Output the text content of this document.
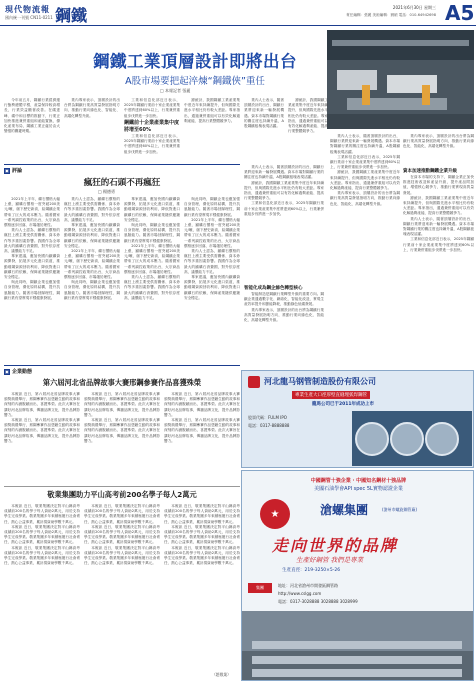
現代物流報
國內統一刊號 CN11-0211 鋼鐵	2021年6月30日 星期三
責任編輯：張麗 美術編輯：劉碩 電話：010-64942698 A5
鋼鐵工業頂層設計即將出台
A股市場要把起淬煉“鋼鐵俠”重任
□ 本報記者 張麗
今年前五月，鋼鐵行業經濟運行態勢總體平穩，產量保持較高增長，行業效益顯著改善。在碳達峰、碳中和目標的推動下，行業正加快推進兼併重組和產能置換，優化產業布局，鋼鐵工業正處於由大變強的關鍵時期。
業內專家表示，頂層設計的出台將為鋼鐵行業高質量發展指明方向，推動行業向綠色化、智能化、高端化轉型升級。
工業和信息化部近日表示，2025年鋼鐵行業前十家企業產業集中度將達到60%以上，行業兼併重組步伐將進一步加快。
鋼鐵前十企業產業集中度將增至60%
工業和信息化部近日表示，2025年鋼鐵行業前十家企業產業集中度將達到60%以上，行業兼併重組步伐將進一步加快。
據統計，我國鋼鐵工業產業集中度近年來持續提升，但與國際先進水平相比仍有較大差距。專家指出，通過兼併重組可以有效化解過剩產能、提高行業整體競爭力。
業內人士表示，隨著頂層設計的出台，鋼鐵行業將迎來新一輪發展機遇。資本市場對鋼鐵行業的關注度也持續升溫，A股鋼鐵板塊表現活躍。
據統計，我國鋼鐵工業產業集中度近年來持續提升，但與國際先進水平相比仍有較大差距。專家指出，通過兼併重組可以有效化解過剩產能、提高行業整體競爭力。
業內人士表示，隨著頂層設計的出台，鋼鐵行業將迎來新一輪發展機遇。資本市場對鋼鐵行業的關注度也持續升溫，A股鋼鐵板塊表現活躍。
據統計，我國鋼鐵工業產業集中度近年來持續提升，但與國際先進水平相比仍有較大差距。專家指出，通過兼併重組可以有效化解過剩產能、提高行業整體競爭力。
工業和信息化部近日表示，2025年鋼鐵行業前十家企業產業集中度將達到60%以上，行業兼併重組步伐將進一步加快。
智能化成為鋼企綠色轉型核心
智能制造是鋼鐵行業轉型升級的重要方向。鋼鐵企業通過數字化、網絡化、智能化改造，實現生產效率提升和節能降耗，推動綠色低碳發展。
業內專家表示，頂層設計的出台將為鋼鐵行業高質量發展指明方向，推動行業向綠色化、智能化、高端化轉型升級。
業內人士表示，隨著頂層設計的出台，鋼鐵行業將迎來新一輪發展機遇。資本市場對鋼鐵行業的關注度也持續升溫，A股鋼鐵板塊表現活躍。
工業和信息化部近日表示，2025年鋼鐵行業前十家企業產業集中度將達到60%以上，行業兼併重組步伐將進一步加快。
據統計，我國鋼鐵工業產業集中度近年來持續提升，但與國際先進水平相比仍有較大差距。專家指出，通過兼併重組可以有效化解過剩產能、提高行業整體競爭力。
業內專家表示，頂層設計的出台將為鋼鐵行業高質量發展指明方向，推動行業向綠色化、智能化、高端化轉型升級。
業內專家表示，頂層設計的出台將為鋼鐵行業高質量發展指明方向，推動行業向綠色化、智能化、高端化轉型升級。
資本加速推動鋼鐵企業升級
在資本市場的支持下，鋼鐵企業正加快推進技術改造和產品升級，提升產品附加值，增強核心競爭力，推動行業實現高質量發展。
據統計，我國鋼鐵工業產業集中度近年來持續提升，但與國際先進水平相比仍有較大差距。專家指出，通過兼併重組可以有效化解過剩產能、提高行業整體競爭力。
業內人士表示，隨著頂層設計的出台，鋼鐵行業將迎來新一輪發展機遇。資本市場對鋼鐵行業的關注度也持續升溫，A股鋼鐵板塊表現活躍。
工業和信息化部近日表示，2025年鋼鐵行業前十家企業產業集中度將達到60%以上，行業兼併重組步伐將進一步加快。
▣ 評論
瘋狂的石頭不再瘋狂
□ 楊德勇
2021年上半年，礦石價格大幅上漲，鐵礦石價格一度突破200美元/噸，創下歷史新高，給鋼鐵企業帶來了巨大的成本壓力。隨著國家一系列調控政策的出台，大宗商品價格逐步回落，市場趨於理性。
業內人士認為，鐵礦石價格的瘋狂上漲主要受供需關係、資本炒作等多重因素影響。我國作為全球最大的鐵礦石消費國，對外依存度高，議價能力不足。
專家建議，應加快國內鐵礦資源開發，拓展多元化進口渠道，推動廢鋼資源回收利用，降低對進口鐵礦石的依賴，保障產業鏈供應鏈安全穩定。
與此同時，鋼鐵企業也應加強自身管理，優化原料結構，提升抗風險能力。隨著市場回歸理性，鋼鐵行業有望實現平穩健康發展。
業內人士認為，鐵礦石價格的瘋狂上漲主要受供需關係、資本炒作等多重因素影響。我國作為全球最大的鐵礦石消費國，對外依存度高，議價能力不足。
專家建議，應加快國內鐵礦資源開發，拓展多元化進口渠道，推動廢鋼資源回收利用，降低對進口鐵礦石的依賴，保障產業鏈供應鏈安全穩定。
2021年上半年，礦石價格大幅上漲，鐵礦石價格一度突破200美元/噸，創下歷史新高，給鋼鐵企業帶來了巨大的成本壓力。隨著國家一系列調控政策的出台，大宗商品價格逐步回落，市場趨於理性。
與此同時，鋼鐵企業也應加強自身管理，優化原料結構，提升抗風險能力。隨著市場回歸理性，鋼鐵行業有望實現平穩健康發展。
專家建議，應加快國內鐵礦資源開發，拓展多元化進口渠道，推動廢鋼資源回收利用，降低對進口鐵礦石的依賴，保障產業鏈供應鏈安全穩定。
與此同時，鋼鐵企業也應加強自身管理，優化原料結構，提升抗風險能力。隨著市場回歸理性，鋼鐵行業有望實現平穩健康發展。
2021年上半年，礦石價格大幅上漲，鐵礦石價格一度突破200美元/噸，創下歷史新高，給鋼鐵企業帶來了巨大的成本壓力。隨著國家一系列調控政策的出台，大宗商品價格逐步回落，市場趨於理性。
業內人士認為，鐵礦石價格的瘋狂上漲主要受供需關係、資本炒作等多重因素影響。我國作為全球最大的鐵礦石消費國，對外依存度高，議價能力不足。
與此同時，鋼鐵企業也應加強自身管理，優化原料結構，提升抗風險能力。隨著市場回歸理性，鋼鐵行業有望實現平穩健康發展。
2021年上半年，礦石價格大幅上漲，鐵礦石價格一度突破200美元/噸，創下歷史新高，給鋼鐵企業帶來了巨大的成本壓力。隨著國家一系列調控政策的出台，大宗商品價格逐步回落，市場趨於理性。
業內人士認為，鐵礦石價格的瘋狂上漲主要受供需關係、資本炒作等多重因素影響。我國作為全球最大的鐵礦石消費國，對外依存度高，議價能力不足。
專家建議，應加快國內鐵礦資源開發，拓展多元化進口渠道，推動廢鋼資源回收利用，降低對進口鐵礦石的依賴，保障產業鏈供應鏈安全穩定。
▣ 企業動態
第六屆河北省品牌故事大賽邢鋼參賽作品喜獲殊榮
本報訊 近日，第六屆河北省品牌故事大賽頒獎典禮舉行，邢鋼參賽作品憑藉生動的故事和深刻的內涵脫穎而出，喜獲殊榮。此次大賽旨在講好河北品牌故事，傳播品牌文化，提升品牌影響力。
本報訊 近日，第六屆河北省品牌故事大賽頒獎典禮舉行，邢鋼參賽作品憑藉生動的故事和深刻的內涵脫穎而出，喜獲殊榮。此次大賽旨在講好河北品牌故事，傳播品牌文化，提升品牌影響力。
本報訊 近日，第六屆河北省品牌故事大賽頒獎典禮舉行，邢鋼參賽作品憑藉生動的故事和深刻的內涵脫穎而出，喜獲殊榮。此次大賽旨在講好河北品牌故事，傳播品牌文化，提升品牌影響力。
本報訊 近日，第六屆河北省品牌故事大賽頒獎典禮舉行，邢鋼參賽作品憑藉生動的故事和深刻的內涵脫穎而出，喜獲殊榮。此次大賽旨在講好河北品牌故事，傳播品牌文化，提升品牌影響力。
本報訊 近日，第六屆河北省品牌故事大賽頒獎典禮舉行，邢鋼參賽作品憑藉生動的故事和深刻的內涵脫穎而出，喜獲殊榮。此次大賽旨在講好河北品牌故事，傳播品牌文化，提升品牌影響力。
本報訊 近日，第六屆河北省品牌故事大賽頒獎典禮舉行，邢鋼參賽作品憑藉生動的故事和深刻的內涵脫穎而出，喜獲殊榮。此次大賽旨在講好河北品牌故事，傳播品牌文化，提升品牌影響力。
敬業集團助力平山高考前200名學子每人2萬元
本報訊 近日，敬業集團決定對平山縣高考成績前200名的學子每人資助2萬元，用於支持學生完成學業。敬業集團多年來積極履行社會責任，熱心公益事業，累計捐資助學數千萬元。
本報訊 近日，敬業集團決定對平山縣高考成績前200名的學子每人資助2萬元，用於支持學生完成學業。敬業集團多年來積極履行社會責任，熱心公益事業，累計捐資助學數千萬元。
本報訊 近日，敬業集團決定對平山縣高考成績前200名的學子每人資助2萬元，用於支持學生完成學業。敬業集團多年來積極履行社會責任，熱心公益事業，累計捐資助學數千萬元。
本報訊 近日，敬業集團決定對平山縣高考成績前200名的學子每人資助2萬元，用於支持學生完成學業。敬業集團多年來積極履行社會責任，熱心公益事業，累計捐資助學數千萬元。
本報訊 近日，敬業集團決定對平山縣高考成績前200名的學子每人資助2萬元，用於支持學生完成學業。敬業集團多年來積極履行社會責任，熱心公益事業，累計捐資助學數千萬元。
本報訊 近日，敬業集團決定對平山縣高考成績前200名的學子每人資助2萬元，用於支持學生完成學業。敬業集團多年來積極履行社會責任，熱心公益事業，累計捐資助學數千萬元。
本報訊 近日，敬業集團決定對平山縣高考成績前200名的學子每人資助2萬元，用於支持學生完成學業。敬業集團多年來積極履行社會責任，熱心公益事業，累計捐資助學數千萬元。
本報訊 近日，敬業集團決定對平山縣高考成績前200名的學子每人資助2萬元，用於支持學生完成學業。敬業集團多年來積極履行社會責任，熱心公益事業，累計捐資助學數千萬元。
本報訊 近日，敬業集團決定對平山縣高考成績前200名的學子每人資助2萬元，用於支持學生完成學業。敬業集團多年來積極履行社會責任，熱心公益事業，累計捐資助學數千萬元。
（趙敬業）
河北龍马钢管制造股份有限公司
專業生產大口徑厚壁直縫埋弧焊鋼管
龍馬公司已于2011年成功上市
股票代碼：FULM IPO
電話：0317-8888888
中國鋼管十強企業 · 中國知名鋼材十強品牌
美國石油學會API spec 5L實物認證企業
★	滄螺集團	(滄州市螺旋鋼管廠)
走向世界的品牌
生產好鋼管 我們是專業
生產直徑：219-3250×5-26
集團	地址：河北省滄州市開發區鋼管路
http://www.cslgg.com
電話：0317-3028888 3028888 3028999
